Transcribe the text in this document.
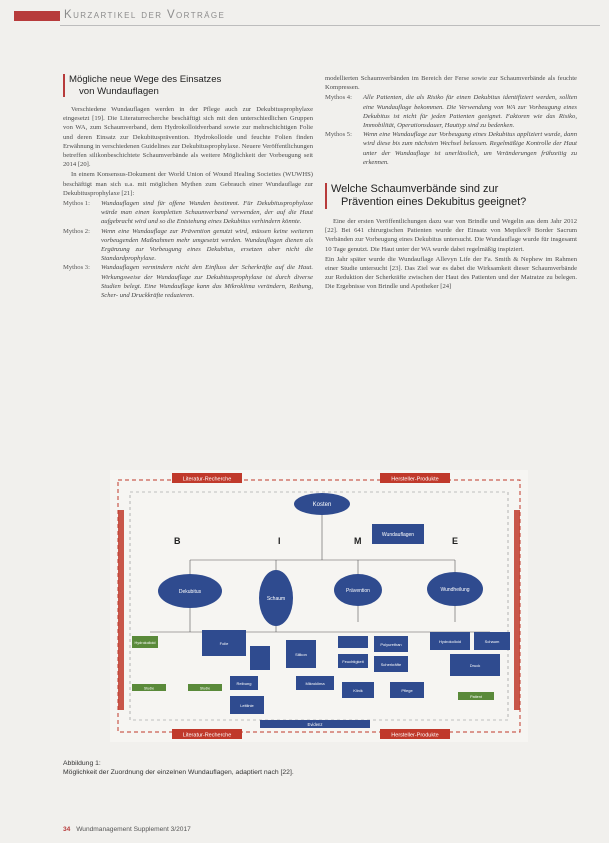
Kurzartikel der Vorträge
Mögliche neue Wege des Einsatzes
von Wundauflagen

Verschiedene Wundauflagen werden in der Pflege auch zur Dekubitusprophylaxe eingesetzt [19]. Die Literaturrecherche beschäftigt sich mit den unterschiedlichen Gruppen von WA, zum Schaumverband, dem Hydrokolloidverband sowie zur mehrschichtigen Folie und deren Einsatz zur Dekubitusprävention. Hydrokolloide und feuchte Folien finden Erwähnung in verschiedenen Guidelines zur Dekubitusprophylaxe. Neuere Veröffentlichungen betreffen silikonbeschichtete Schaumverbände als weitere Möglichkeit der Vorbeugung seit 2014 [20].

In einem Konsensus-Dokument der World Union of Wound Healing Societies (WUWHS) beschäftigt man sich u.a. mit möglichen Mythen zum Gebrauch einer Wundauflage zur Dekubitusprophylaxe [21]:

Mythos 1:	Wundauflagen sind für offene Wunden bestimmt. Für Dekubitusprophylaxe würde man einen kompletten Schaumverband verwenden, der auf die Haut aufgebracht wird und so die Entstehung eines Dekubitus verhindern könnte.
Mythos 2:	Wenn eine Wundauflage zur Prävention genutzt wird, müssen keine weiteren vorbeugenden Maßnahmen mehr umgesetzt werden. Wundauflagen dienen als Ergänzung zur Vorbeugung eines Dekubitus, ersetzen aber nicht die Standardprophylaxe.
Mythos 3:	Wundauflagen vermindern nicht den Einfluss der Scherkräfte auf die Haut. Wirkungsweise der Wundauflage zur Dekubitusprophylaxe ist durch diverse Studien belegt. Eine Wundauflage kann das Mikroklima verändern, Reibung, Scher- und Druckkräfte reduzieren.

modellierten Schaumverbänden im Bereich der Ferse sowie zur Schaumverbände als feuchte Kompressen.

Mythos 4:	Alle Patienten, die als Risiko für einen Dekubitus identifiziert werden, sollten eine Wundauflage bekommen. Die Verwendung von WA zur Vorbeugung eines Dekubitus ist nicht für jeden Patienten geeignet. Faktoren wie das Risiko, Immobilität, Operationsdauer, Hauttyp sind zu bedenken.
Mythos 5:	Wenn eine Wundauflage zur Vorbeugung eines Dekubitus appliziert wurde, dann wird diese bis zum nächsten Wechsel belassen. Regelmäßige Kontrolle der Haut unter der Wundauflage ist unerlässlich, um Veränderungen frühzeitig zu erkennen.
Welche Schaumverbände sind zur
Prävention eines Dekubitus geeignet?

Eine der ersten Veröffentlichungen dazu war von Brindle und Wegelin aus dem Jahr 2012 [22]. Bei 641 chirurgischen Patienten wurde der Einsatz von Mepilex® Border Sacrum Verbänden zur Vorbeugung eines Dekubitus untersucht. Die Wundauflage wurde für insgesamt 10 Tage genutzt. Die Haut unter der WA wurde dabei regelmäßig inspiziert.

Ein Jahr später wurde die Wundauflage Allevyn Life der Fa. Smith & Nephew im Rahmen einer Studie untersucht [23]. Das Ziel war es dabei die Wirksamkeit dieser Schaumverbände zur Reduktion der Scherkräfte zwischen der Haut des Patienten und der Matratze zu belegen. Die Ergebnisse von Brindle und Apotheker [24]

Literatur-Recherche	Hersteller-Produkte
Literatur-Recherche	Hersteller-Produkte
Kosten
Wundauflagen
B	I	M	E
Dekubitus
Schaum
Prävention	Wundheilung
Hydrokolloid	Folie
Silikon
Polyurethan
Hydrokolloid	Schaum
Feuchtigkeit
Scherkräfte	Druck
Reibung	Mikroklima
Studie	Studie
Leitlinie
Klinik	Pflege
Patient
Evidenz
Abbildung 1:
Möglichkeit der Zuordnung der einzelnen Wundauflagen, adaptiert nach [22].
34 Wundmanagement Supplement 3/2017
